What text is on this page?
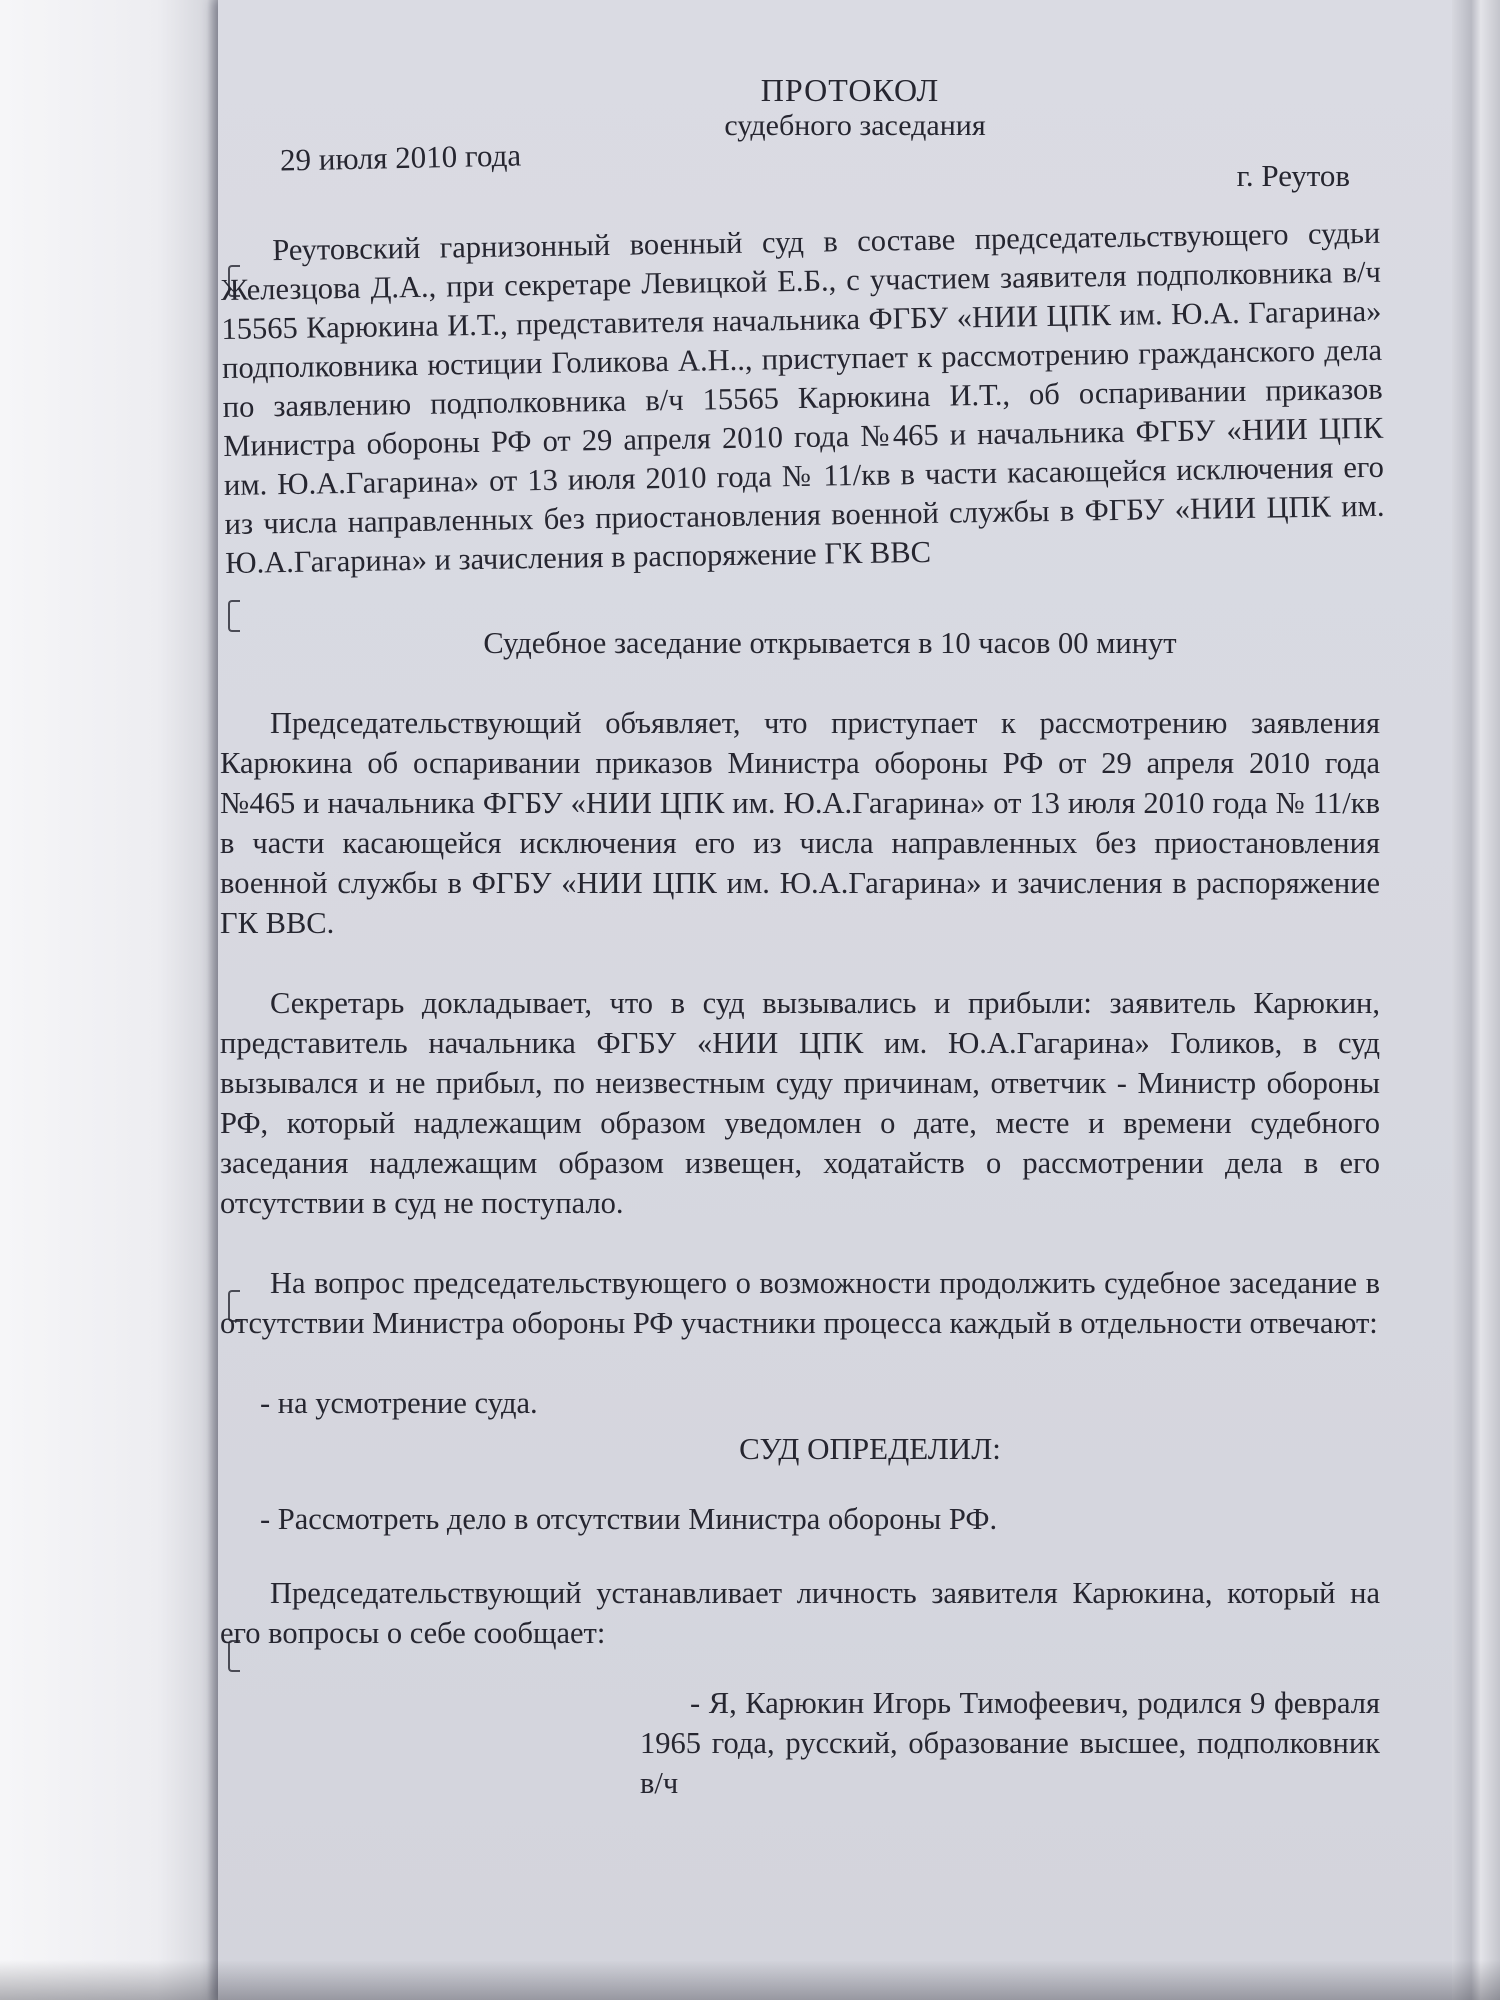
ПРОТОКОЛ

судебного заседания

29 июля 2010 года	г. Реутов

Реутовский гарнизонный военный суд в составе председательствующего судьи Железцова Д.А., при секретаре Левицкой Е.Б., с участием заявителя подполковника в/ч 15565 Карюкина И.Т., представителя начальника ФГБУ «НИИ ЦПК им. Ю.А. Гагарина» подполковника юстиции Голикова А.Н.., приступает к рассмотрению гражданского дела по заявлению подполковника в/ч 15565 Карюкина И.Т., об оспаривании приказов Министра обороны РФ от 29 апреля 2010 года №465 и начальника ФГБУ «НИИ ЦПК им. Ю.А.Гагарина» от 13 июля 2010 года № 11/кв в части касающейся исключения его из числа направленных без приостановления военной службы в ФГБУ «НИИ ЦПК им. Ю.А.Гагарина» и зачисления в распоряжение ГК ВВС

Судебное заседание открывается в 10 часов 00 минут

Председательствующий объявляет, что приступает к рассмотрению заявления Карюкина об оспаривании приказов Министра обороны РФ от 29 апреля 2010 года №465 и начальника ФГБУ «НИИ ЦПК им. Ю.А.Гагарина» от 13 июля 2010 года № 11/кв в части касающейся исключения его из числа направленных без приостановления военной службы в ФГБУ «НИИ ЦПК им. Ю.А.Гагарина» и зачисления в распоряжение ГК ВВС.

Секретарь докладывает, что в суд вызывались и прибыли: заявитель Карюкин, представитель начальника ФГБУ «НИИ ЦПК им. Ю.А.Гагарина» Голиков, в суд вызывался и не прибыл, по неизвестным суду причинам, ответчик - Министр обороны РФ, который надлежащим образом уведомлен о дате, месте и времени судебного заседания надлежащим образом извещен, ходатайств о рассмотрении дела в его отсутствии в суд не поступало.

На вопрос председательствующего о возможности продолжить судебное заседание в отсутствии Министра обороны РФ участники процесса каждый в отдельности отвечают:

- на усмотрение суда.

СУД ОПРЕДЕЛИЛ:

- Рассмотреть дело в отсутствии Министра обороны РФ.

Председательствующий устанавливает личность заявителя Карюкина, который на его вопросы о себе сообщает:

- Я, Карюкин Игорь Тимофеевич, родился 9 февраля 1965 года, русский, образование высшее, подполковник в/ч
